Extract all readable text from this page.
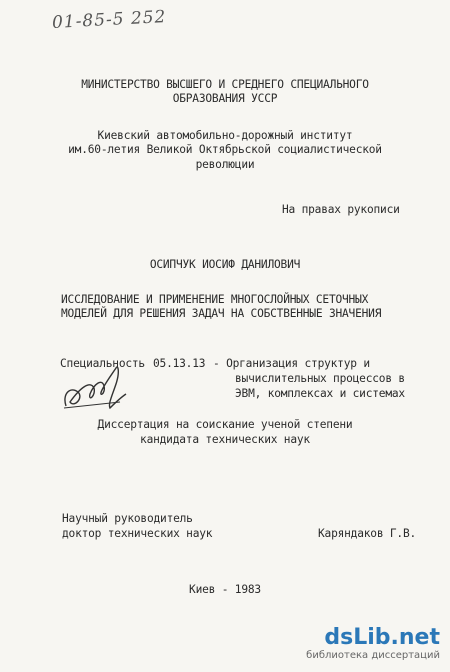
01-85-5 252
МИНИСТЕРСТВО ВЫСШЕГО И СРЕДНЕГО СПЕЦИАЛЬНОГО
ОБРАЗОВАНИЯ УССР
Киевский автомобильно-дорожный институт
им.60-летия Великой Октябрьской социалистической
революции
На правах рукописи
ОСИПЧУК ИОСИФ ДАНИЛОВИЧ
ИССЛЕДОВАНИЕ И ПРИМЕНЕНИЕ МНОГОСЛОЙНЫХ СЕТОЧНЫХ
МОДЕЛЕЙ ДЛЯ РЕШЕНИЯ ЗАДАЧ НА СОБСТВЕННЫЕ ЗНАЧЕНИЯ
Специальность 05.13.13 - Организация структур и
вычислительных процессов в
ЭВМ, комплексах и системах
Диссертация на соискание ученой степени
кандидата технических наук
Научный руководитель
доктор технических наук	Каряндаков Г.В.
Киев - 1983
dsLib.net
библиотека диссертаций
